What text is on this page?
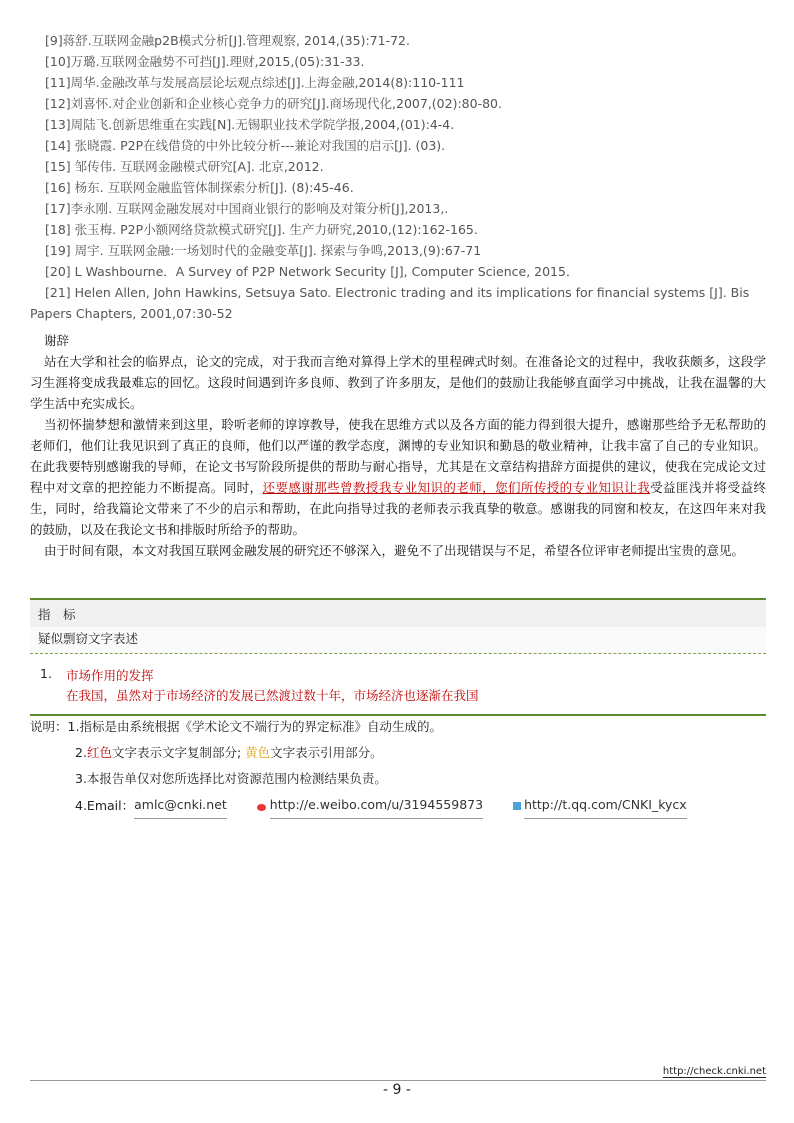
[9]蒋舒.互联网金融p2B模式分析[J].管理观察, 2014,(35):71-72.
[10]万璐.互联网金融势不可挡[J].理财,2015,(05):31-33.
[11]周华.金融改革与发展高层论坛观点综述[J].上海金融,2014(8):110-111
[12]刘喜怀.对企业创新和企业核心竞争力的研究[J].商场现代化,2007,(02):80-80.
[13]周陆飞.创新思维重在实践[N].无锡职业技术学院学报,2004,(01):4-4.
[14] 张晓霞. P2P在线借贷的中外比较分析---兼论对我国的启示[J]. (03).
[15] 邹传伟. 互联网金融模式研究[A]. 北京,2012.
[16] 杨东. 互联网金融监管体制探索分析[J]. (8):45-46.
[17]李永刚. 互联网金融发展对中国商业银行的影响及对策分析[J],2013,.
[18] 张玉梅. P2P小额网络贷款模式研究[J]. 生产力研究,2010,(12):162-165.
[19] 周宇. 互联网金融:一场划时代的金融变革[J]. 探索与争鸣,2013,(9):67-71
[20] L Washbourne．A Survey of P2P Network Security [J], Computer Science, 2015．
[21] Helen Allen, John Hawkins, Setsuya Sato. Electronic trading and its implications for financial systems [J]. Bis Papers Chapters, 2001,07:30-52
谢辞

站在大学和社会的临界点，论文的完成，对于我而言绝对算得上学术的里程碑式时刻。在准备论文的过程中，我收获颇多，这段学习生涯将变成我最难忘的回忆。这段时间遇到许多良师、教到了许多朋友，是他们的鼓励让我能够直面学习中挑战，让我在温馨的大学生活中充实成长。

当初怀揣梦想和激情来到这里，聆听老师的谆谆教导，使我在思维方式以及各方面的能力得到很大提升，感谢那些给予无私帮助的老师们，他们让我见识到了真正的良师，他们以严谨的教学态度，渊博的专业知识和勤恳的敬业精神，让我丰富了自己的专业知识。在此我要特别感谢我的导师，在论文书写阶段所提供的帮助与耐心指导，尤其是在文章结构措辞方面提供的建议，使我在完成论文过程中对文章的把控能力不断提高。同时，还要感谢那些曾教授我专业知识的老师，您们所传授的专业知识让我受益匪浅并将受益终生，同时，给我篇论文带来了不少的启示和帮助，在此向指导过我的老师表示我真挚的敬意。感谢我的同窗和校友，在这四年来对我的鼓励，以及在我论文书和排版时所给予的帮助。

由于时间有限，本文对我国互联网金融发展的研究还不够深入，避免不了出现错误与不足，希望各位评审老师提出宝贵的意见。

指　标
疑似剽窃文字表述
1. 市场作用的发挥
在我国，虽然对于市场经济的发展已然渡过数十年，市场经济也逐渐在我国
说明：1.指标是由系统根据《学术论文不端行为的界定标准》自动生成的。
2.红色文字表示文字复制部分; 黄色文字表示引用部分。
3.本报告单仅对您所选择比对资源范围内检测结果负责。
4.Email： amlc@cnki.net	http://e.weibo.com/u/3194559873	http://t.qq.com/CNKI_kycx
http://check.cnki.net
- 9 -
